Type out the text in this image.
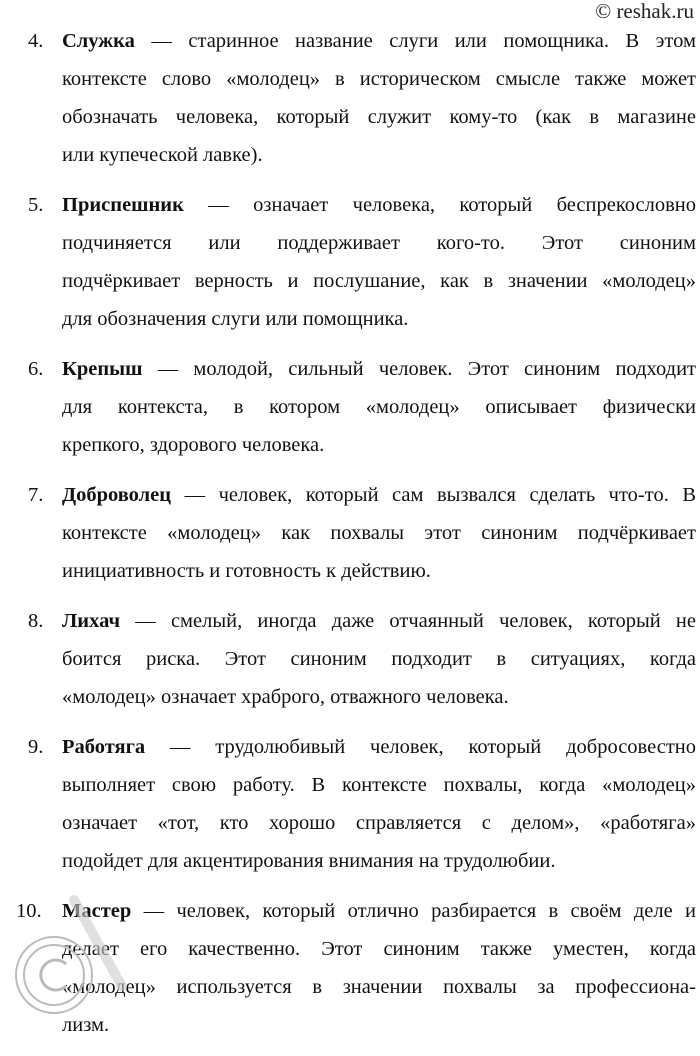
© reshak.ru
4. Служка — старинное название слуги или помощника. В этом
контексте слово «молодец» в историческом смысле также может
обозначать человека, который служит кому-то (как в магазине
или купеческой лавке).
5. Приспешник — означает человека, который беспрекословно
подчиняется или поддерживает кого-то. Этот синоним
подчёркивает верность и послушание, как в значении «молодец»
для обозначения слуги или помощника.
6. Крепыш — молодой, сильный человек. Этот синоним подходит
для контекста, в котором «молодец» описывает физически
крепкого, здорового человека.
7. Доброволец — человек, который сам вызвался сделать что-то. В
контексте «молодец» как похвалы этот синоним подчёркивает
инициативность и готовность к действию.
8. Лихач — смелый, иногда даже отчаянный человек, который не
боится риска. Этот синоним подходит в ситуациях, когда
«молодец» означает храброго, отважного человека.
9. Работяга — трудолюбивый человек, который добросовестно
выполняет свою работу. В контексте похвалы, когда «молодец»
означает «тот, кто хорошо справляется с делом», «работяга»
подойдет для акцентирования внимания на трудолюбии.
10. Мастер — человек, который отлично разбирается в своём деле и
делает его качественно. Этот синоним также уместен, когда
«молодец» используется в значении похвалы за профессиона-
лизм.
